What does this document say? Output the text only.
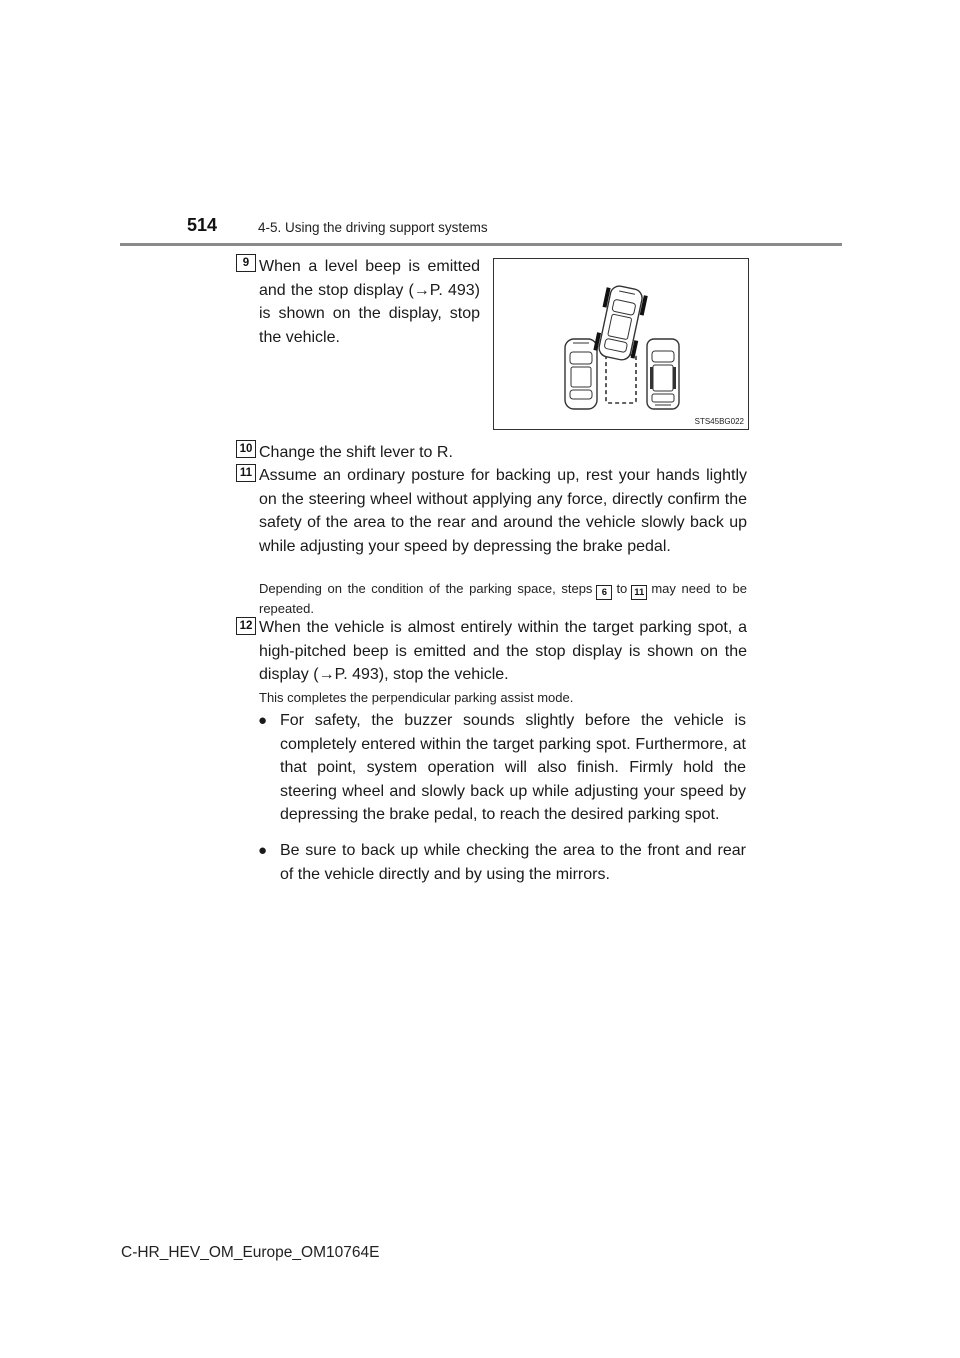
514	4-5. Using the driving support systems
9 When a level beep is emitted and the stop display (→P. 493) is shown on the display, stop the vehicle.
STS45BG022
10 Change the shift lever to R.
11 Assume an ordinary posture for backing up, rest your hands lightly on the steering wheel without applying any force, directly confirm the safety of the area to the rear and around the vehicle slowly back up while adjusting your speed by depressing the brake pedal.
Depending on the condition of the parking space, steps 6 to 11 may need to be repeated.
12 When the vehicle is almost entirely within the target parking spot, a high-pitched beep is emitted and the stop display is shown on the display (→P. 493), stop the vehicle.
This completes the perpendicular parking assist mode.
● For safety, the buzzer sounds slightly before the vehicle is completely entered within the target parking spot. Furthermore, at that point, system operation will also finish. Firmly hold the steering wheel and slowly back up while adjusting your speed by depressing the brake pedal, to reach the desired parking spot.
● Be sure to back up while checking the area to the front and rear of the vehicle directly and by using the mirrors.
C-HR_HEV_OM_Europe_OM10764E
